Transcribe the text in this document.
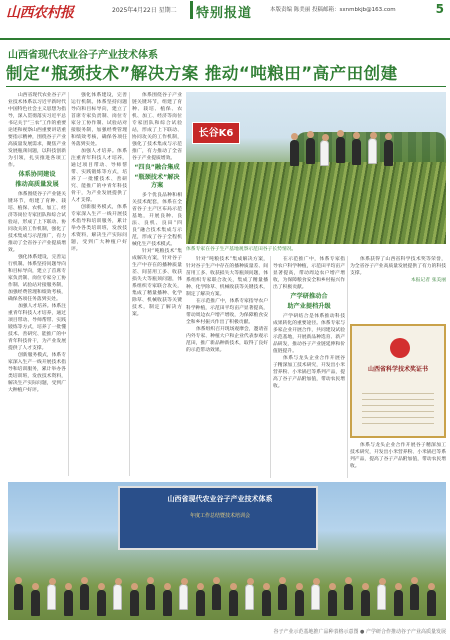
山西农村报	2025年4月22日 星期二 特别报道	本版责编 陈美丽 投稿邮箱：sxnmbkjb@163.com	5
山西省现代农业谷子产业技术体系
制定“瓶颈技术”解决方案 推动“吨粮田”高产田创建

山西省现代农业谷子产业技术体系以习近平新时代中国特色社会主义思想为指导，深入贯彻落实习近平总书记关于“三农”工作的重要论述和视察山西重要讲话重要指示精神，围绕谷子产业高质量发展需求，聚焦产业发展瓶颈问题，以科技创新为引领，扎实推进各项工作。

体系协同建设
推动高质量发展

体系围绕谷子产业链关键环节，组建了育种、栽培、植保、农机、加工、经济等岗位专家团队和综合试验站，形成了上下联动、协同攻关的工作机制，强化了技术集成与示范推广，有力推动了全省谷子产业提质增效。

强化体系建设，完善运行机制。体系坚持问题导向和目标导向，建立了首席专家负责制、岗位专家分工协作制、试验站对接服务制，加强经费管理和绩效考核，确保各项任务落到实处。

加强人才培养。体系注重青年科技人才培养，通过项目带动、导师帮带、实践锻炼等方式，培养了一批懂技术、善研究、能推广的中青年科技骨干，为产业发展提供了人才支撑。

创新服务模式，体系专家深入生产一线开展技术指导和培训服务，累计举办各类培训班，发放技术资料，解决生产实际问题，受到广大种植户好评。

强化体系建设，完善运行机制。体系坚持问题导向和目标导向，建立了首席专家负责制、岗位专家分工协作制、试验站对接服务制，加强经费管理和绩效考核，确保各项任务落到实处。

加强人才培养。体系注重青年科技人才培养，通过项目带动、导师帮带、实践锻炼等方式，培养了一批懂技术、善研究、能推广的中青年科技骨干，为产业发展提供了人才支撑。

创新服务模式，体系专家深入生产一线开展技术指导和培训服务，累计举办各类培训班，发放技术资料，解决生产实际问题，受到广大种植户好评。

体系围绕谷子产业链关键环节，组建了育种、栽培、植保、农机、加工、经济等岗位专家团队和综合试验站，形成了上下联动、协同攻关的工作机制，强化了技术集成与示范推广，有力推动了全省谷子产业提质增效。

“四良”融合集成
“瓶颈技术”解决方案

多个优良品种和相关技术配套，体系在全省谷子主产区布局示范基地，开展良种、良法、良机、良田“四良”融合技术集成与示范，形成了谷子全程机械化生产技术模式。

针对“吨粮技术”集成解决方案，针对谷子生产中存在的播种质量差、间苗用工多、收获损失大等瓶颈问题，体系组织专家联合攻关，集成了精量播种、化学除草、机械收获等关键技术，制定了解决方案。

长谷K6
体系专家在谷子生产基地观察示范田谷子长势情况。

针对“吨粮技术”集成解决方案，针对谷子生产中存在的播种质量差、间苗用工多、收获损失大等瓶颈问题，体系组织专家联合攻关，集成了精量播种、化学除草、机械收获等关键技术，制定了解决方案。

在示范推广中，体系专家指导农户科学种植，示范田平均亩产显著提高，带动周边农户增产增收，为保障粮食安全和乡村振兴作出了积极贡献。

体系组织召开现场观摩会，邀请省内外专家、种植大户和企业代表参观示范田，推广新品种新技术，取得了良好的示范带动效果。

在示范推广中，体系专家指导农户科学种植，示范田平均亩产显著提高，带动周边农户增产增收，为保障粮食安全和乡村振兴作出了积极贡献。

产学研推动合
助产业提档升级

产学研结合是体系推动科技成果转化的重要途径。体系专家与多家企业开展合作，共同建设试验示范基地，开展新品种选育、新产品研发，推动谷子产业链延伸和价值链提升。

体系与龙头企业合作开展谷子精深加工技术研究，开发出小米营养粉、小米锅巴等系列产品，提高了谷子产品附加值，带动农民增收。

体系获得了山西省科学技术奖等荣誉，为全省谷子产业高质量发展提供了有力的科技支撑。

本报记者 张美丽

山西省科学技术奖证书

体系与龙头企业合作开展谷子精深加工技术研究，开发出小米营养粉、小米锅巴等系列产品，提高了谷子产品附加值，带动农民增收。

山西省现代农业谷子产业技术体系
年度工作总结暨技术培训会
谷子产业示范基地推广品种表格示意图 ● 产学研合作推动谷子产业高质量发展
